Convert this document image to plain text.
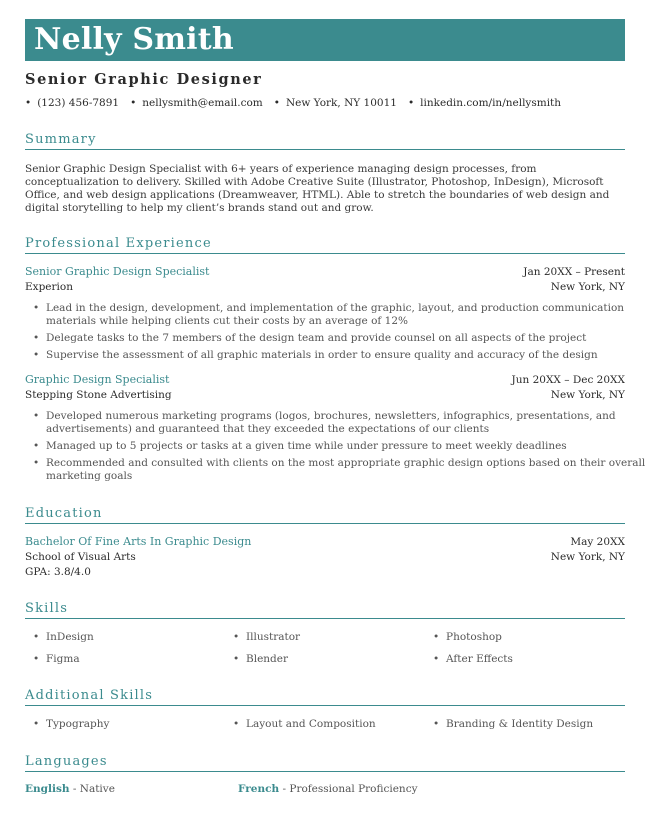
Nelly Smith
Senior Graphic Designer
• (123) 456-7891	• nellysmith@email.com	• New York, NY 10011	• linkedin.com/in/nellysmith
Summary
Senior Graphic Design Specialist with 6+ years of experience managing design processes, from conceptualization to delivery. Skilled with Adobe Creative Suite (Illustrator, Photoshop, InDesign), Microsoft Office, and web design applications (Dreamweaver, HTML). Able to stretch the boundaries of web design and digital storytelling to help my client’s brands stand out and grow.
Professional Experience
Senior Graphic Design Specialist	Jan 20XX – Present
Experion	New York, NY
• Lead in the design, development, and implementation of the graphic, layout, and production communication materials while helping clients cut their costs by an average of 12%
• Delegate tasks to the 7 members of the design team and provide counsel on all aspects of the project
• Supervise the assessment of all graphic materials in order to ensure quality and accuracy of the design
Graphic Design Specialist	Jun 20XX – Dec 20XX
Stepping Stone Advertising	New York, NY
• Developed numerous marketing programs (logos, brochures, newsletters, infographics, presentations, and advertisements) and guaranteed that they exceeded the expectations of our clients
• Managed up to 5 projects or tasks at a given time while under pressure to meet weekly deadlines
• Recommended and consulted with clients on the most appropriate graphic design options based on their overall marketing goals
Education
Bachelor Of Fine Arts In Graphic Design	May 20XX
School of Visual Arts	New York, NY
GPA: 3.8/4.0
Skills
• InDesign	• Illustrator	• Photoshop
• Figma	• Blender	• After Effects
Additional Skills
• Typography	• Layout and Composition	• Branding & Identity Design
Languages
English - Native	French - Professional Proficiency
